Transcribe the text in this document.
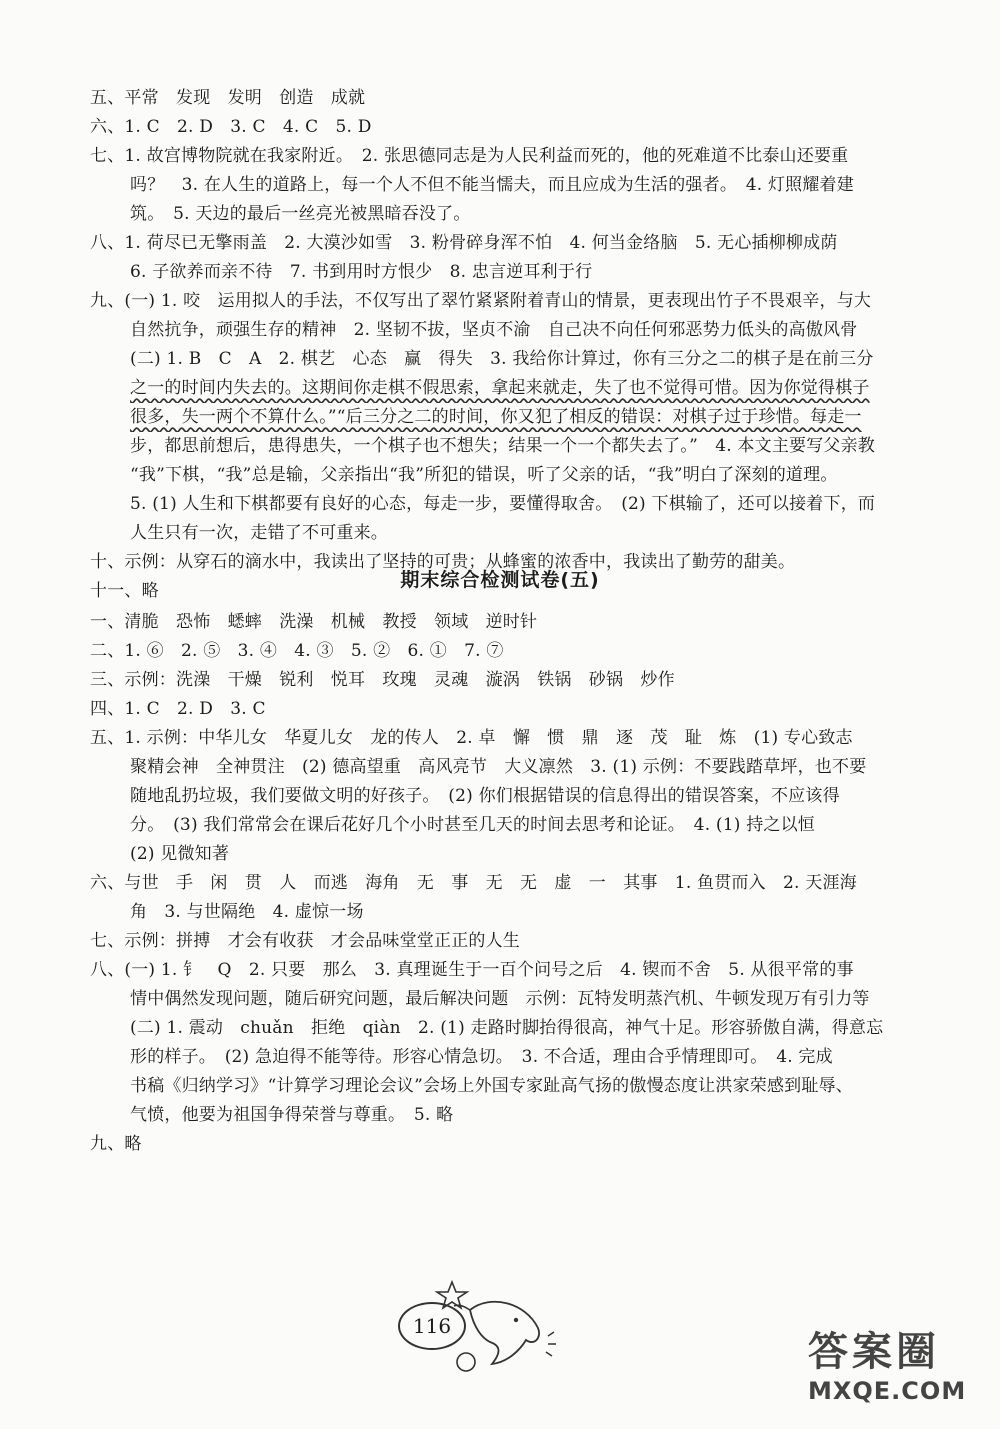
五、平常　发现　发明　创造　成就
六、1. C　2. D　3. C　4. C　5. D
七、1. 故宫博物院就在我家附近。　2. 张思德同志是为人民利益而死的，他的死难道不比泰山还要重
吗？　3. 在人生的道路上，每一个人不但不能当懦夫，而且应成为生活的强者。　4. 灯照耀着建
筑。　5. 天边的最后一丝亮光被黑暗吞没了。
八、1. 荷尽已无擎雨盖　2. 大漠沙如雪　3. 粉骨碎身浑不怕　4. 何当金络脑　5. 无心插柳柳成荫
6. 子欲养而亲不待　7. 书到用时方恨少　8. 忠言逆耳利于行
九、(一) 1. 咬　运用拟人的手法，不仅写出了翠竹紧紧附着青山的情景，更表现出竹子不畏艰辛，与大
自然抗争，顽强生存的精神　2. 坚韧不拔，坚贞不渝　自己决不向任何邪恶势力低头的高傲风骨
(二) 1. B　C　A　2. 棋艺　心态　赢　得失　3. 我给你计算过，你有三分之二的棋子是在前三分
之一的时间内失去的。这期间你走棋不假思索，拿起来就走，失了也不觉得可惜。因为你觉得棋子
很多，失一两个不算什么。”“后三分之二的时间，你又犯了相反的错误：对棋子过于珍惜。每走一
步，都思前想后，患得患失，一个棋子也不想失；结果一个一个都失去了。”　4. 本文主要写父亲教
“我”下棋，“我”总是输，父亲指出“我”所犯的错误，听了父亲的话，“我”明白了深刻的道理。
5. (1) 人生和下棋都要有良好的心态，每走一步，要懂得取舍。　(2) 下棋输了，还可以接着下，而
人生只有一次，走错了不可重来。
十、示例：从穿石的滴水中，我读出了坚持的可贵；从蜂蜜的浓香中，我读出了勤劳的甜美。
十一、略	期末综合检测试卷(五)
一、清脆　恐怖　蟋蟀　洗澡　机械　教授　领域　逆时针
二、1. ⑥　2. ⑤　3. ④　4. ③　5. ②　6. ①　7. ⑦
三、示例：洗澡　干燥　锐利　悦耳　玫瑰　灵魂　漩涡　铁锅　砂锅　炒作
四、1. C　2. D　3. C
五、1. 示例：中华儿女　华夏儿女　龙的传人　2. 卓　懈　惯　鼎　逐　茂　耻　炼　(1) 专心致志
聚精会神　全神贯注　(2) 德高望重　高风亮节　大义凛然　3. (1) 示例：不要践踏草坪，也不要
随地乱扔垃圾，我们要做文明的好孩子。　(2) 你们根据错误的信息得出的错误答案，不应该得
分。　(3) 我们常常会在课后花好几个小时甚至几天的时间去思考和论证。　4. (1) 持之以恒
(2) 见微知著
六、与世　手　闲　贯　人　而逃　海角　无　事　无　无　虚　一　其事　1. 鱼贯而入　2. 天涯海
角　3. 与世隔绝　4. 虚惊一场
七、示例：拼搏　才会有收获　才会品味堂堂正正的人生
八、(一) 1. 钅　Q　2. 只要　那么　3. 真理诞生于一百个问号之后　4. 锲而不舍　5. 从很平常的事
情中偶然发现问题，随后研究问题，最后解决问题　示例：瓦特发明蒸汽机、牛顿发现万有引力等
(二) 1. 震动　chuǎn　拒绝　qiàn　2. (1) 走路时脚抬得很高，神气十足。形容骄傲自满，得意忘
形的样子。　(2) 急迫得不能等待。形容心情急切。　3. 不合适，理由合乎情理即可。　4. 完成
书稿《归纳学习》“计算学习理论会议”会场上外国专家趾高气扬的傲慢态度让洪家荣感到耻辱、
气愤，他要为祖国争得荣誉与尊重。　5. 略
九、略
116
答案圈
MXQE.COM
